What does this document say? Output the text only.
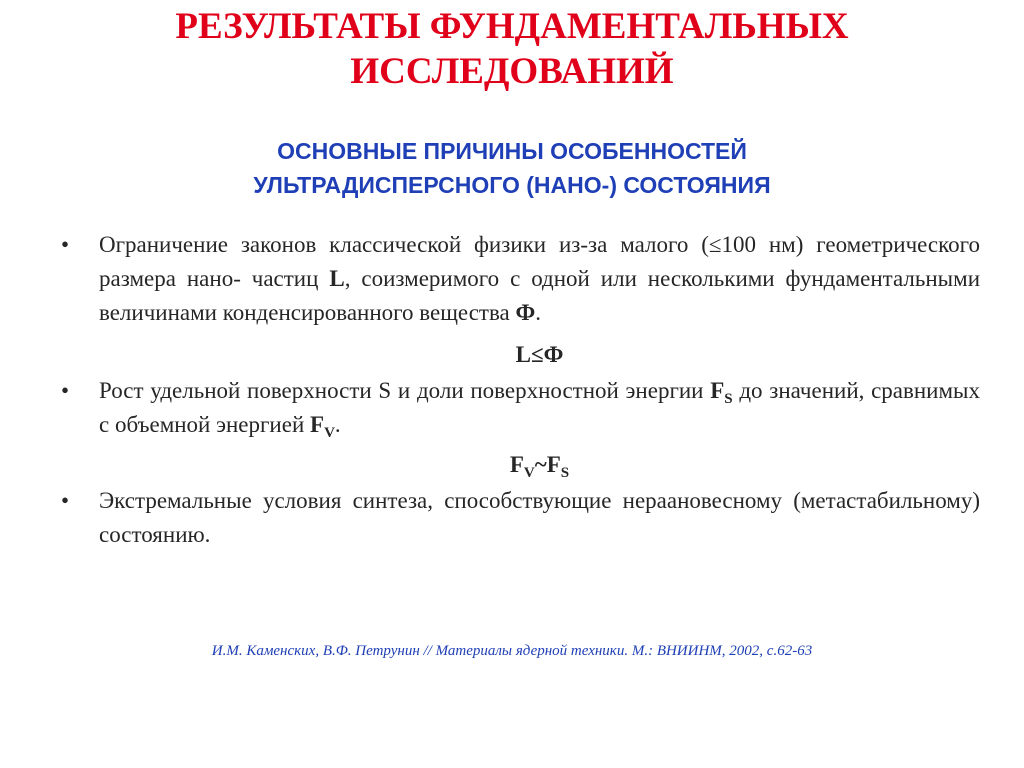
РЕЗУЛЬТАТЫ ФУНДАМЕНТАЛЬНЫХ
ИССЛЕДОВАНИЙ
ОСНОВНЫЕ ПРИЧИНЫ ОСОБЕННОСТЕЙ
УЛЬТРАДИСПЕРСНОГО (НАНО-) СОСТОЯНИЯ

• Ограничение законов классической физики из-за малого (≤100 нм) геометрического размера нано- частиц L, соизмеримого с одной или несколькими фундаментальными величинами конденсированного вещества Ф.

L≤Ф

• Рост удельной поверхности S и доли поверхностной энергии $F_S$ до значений, сравнимых с объемной энергией $F_V$.

$F_V\sim F_S$

• Экстремальные условия синтеза, способствующие нераановесному (метастабильному) состоянию.

И.М. Каменских, В.Ф. Петрунин // Материалы ядерной техники. М.: ВНИИНМ, 2002, с.62-63
